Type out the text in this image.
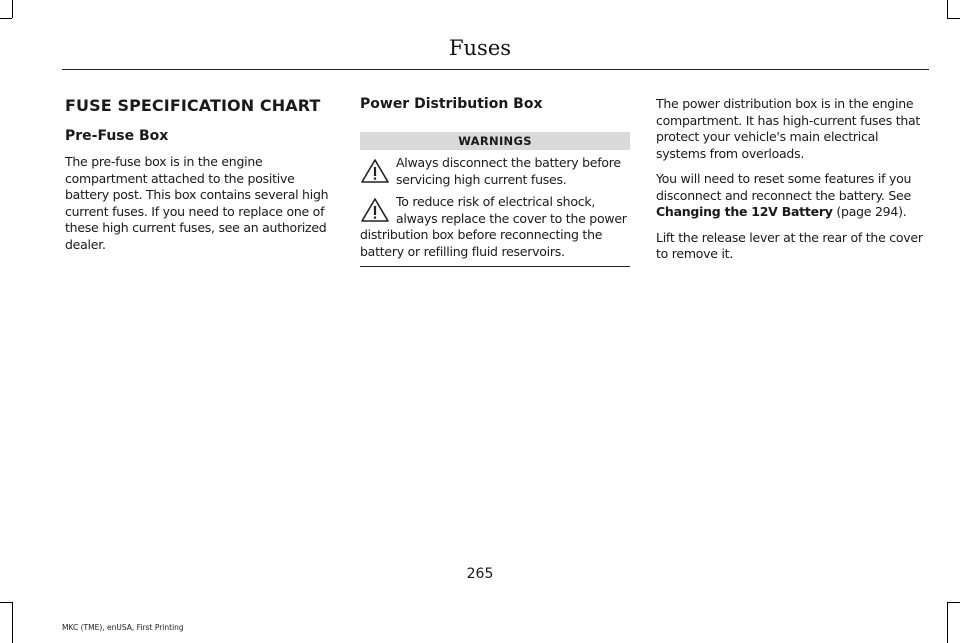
Fuses
FUSE SPECIFICATION CHART
Pre-Fuse Box

The pre-fuse box is in the engine compartment attached to the positive battery post. This box contains several high current fuses. If you need to replace one of these high current fuses, see an authorized dealer.

Power Distribution Box
WARNINGS

Always disconnect the battery before servicing high current fuses.

To reduce risk of electrical shock, always replace the cover to the power distribution box before reconnecting the battery or refilling fluid reservoirs.

The power distribution box is in the engine compartment. It has high-current fuses that protect your vehicle's main electrical systems from overloads.

You will need to reset some features if you disconnect and reconnect the battery. See Changing the 12V Battery (page 294).

Lift the release lever at the rear of the cover to remove it.

265
MKC (TME), enUSA, First Printing
